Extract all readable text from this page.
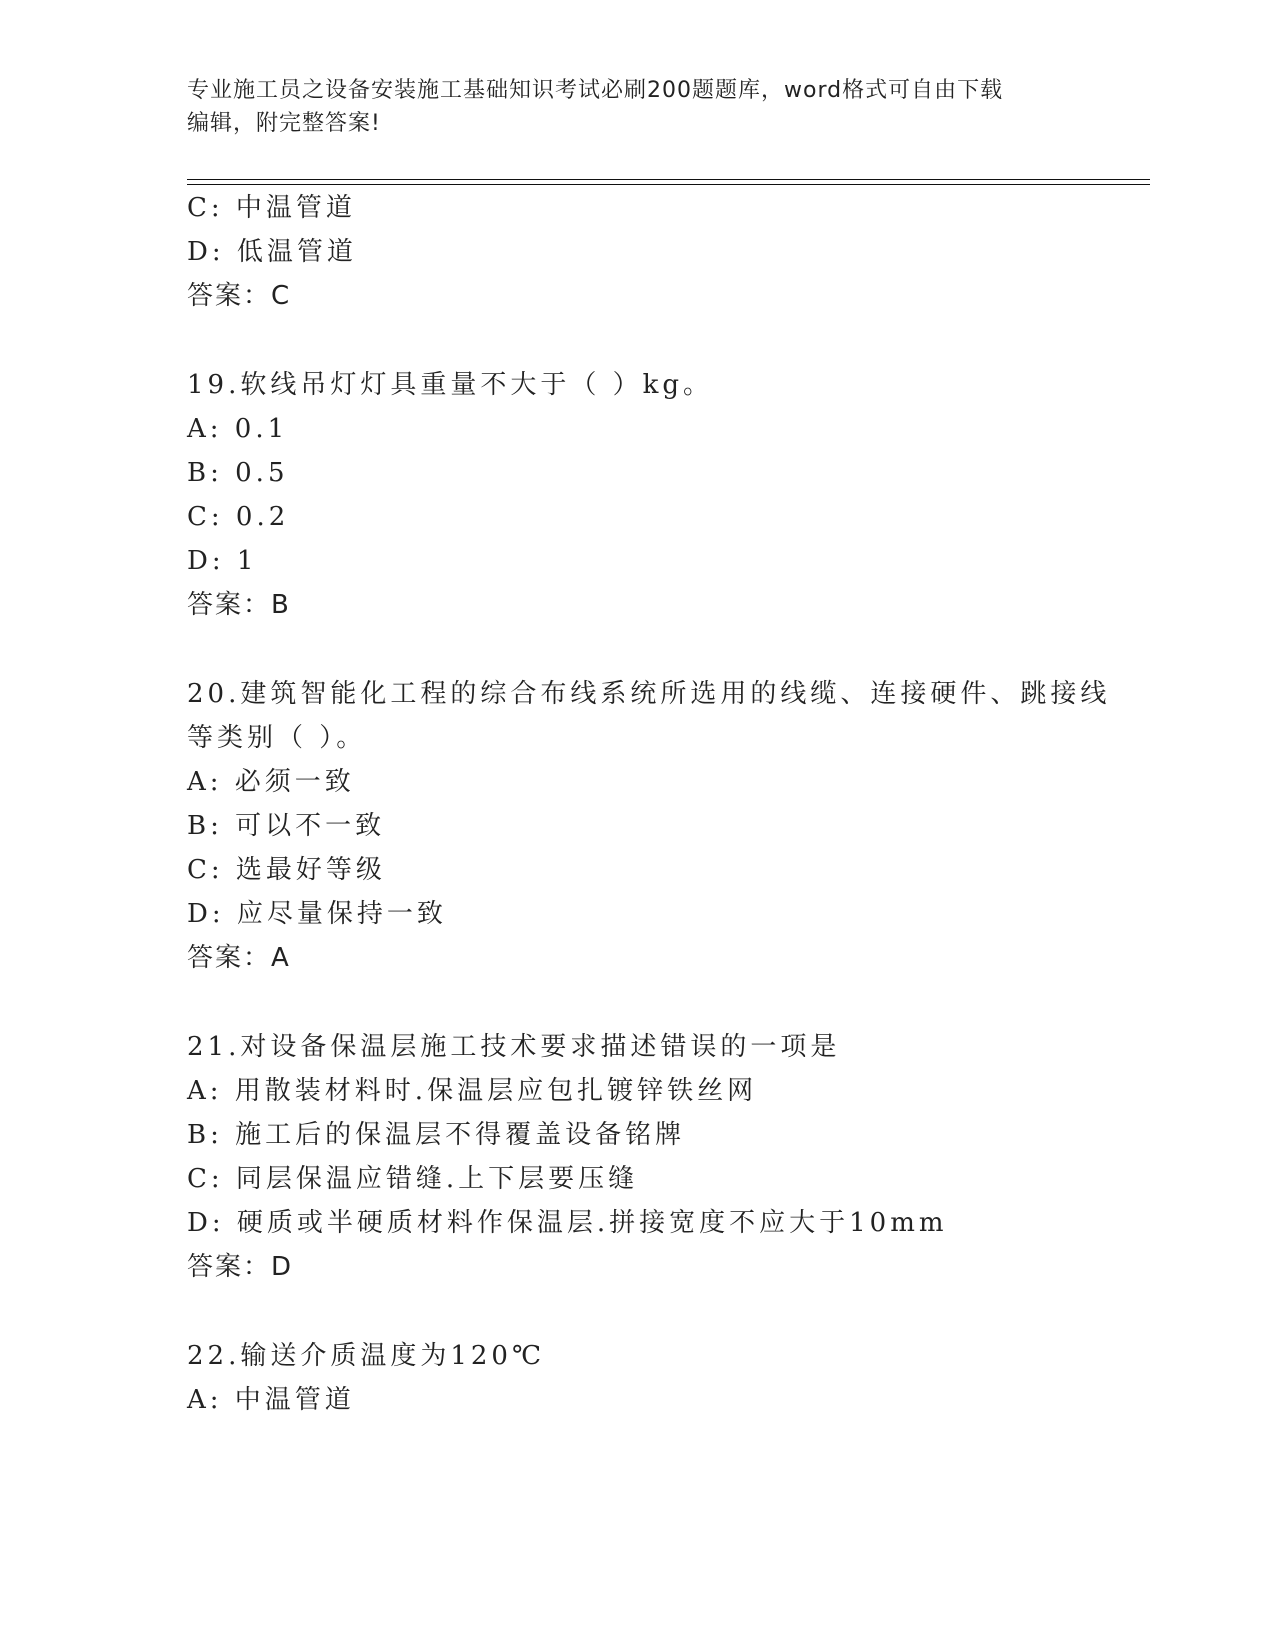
专业施工员之设备安装施工基础知识考试必刷200题题库，word格式可自由下载
编辑，附完整答案!
C: 中温管道
D: 低温管道
答案：C
19.软线吊灯灯具重量不大于（ ）kg。
A: 0.1
B: 0.5
C: 0.2
D: 1
答案：B
20.建筑智能化工程的综合布线系统所选用的线缆、连接硬件、跳接线
等类别（ ）。
A: 必须一致
B: 可以不一致
C: 选最好等级
D: 应尽量保持一致
答案：A
21.对设备保温层施工技术要求描述错误的一项是
A: 用散装材料时.保温层应包扎镀锌铁丝网
B: 施工后的保温层不得覆盖设备铭牌
C: 同层保温应错缝.上下层要压缝
D: 硬质或半硬质材料作保温层.拼接宽度不应大于10mm
答案：D
22.输送介质温度为120℃
A: 中温管道
